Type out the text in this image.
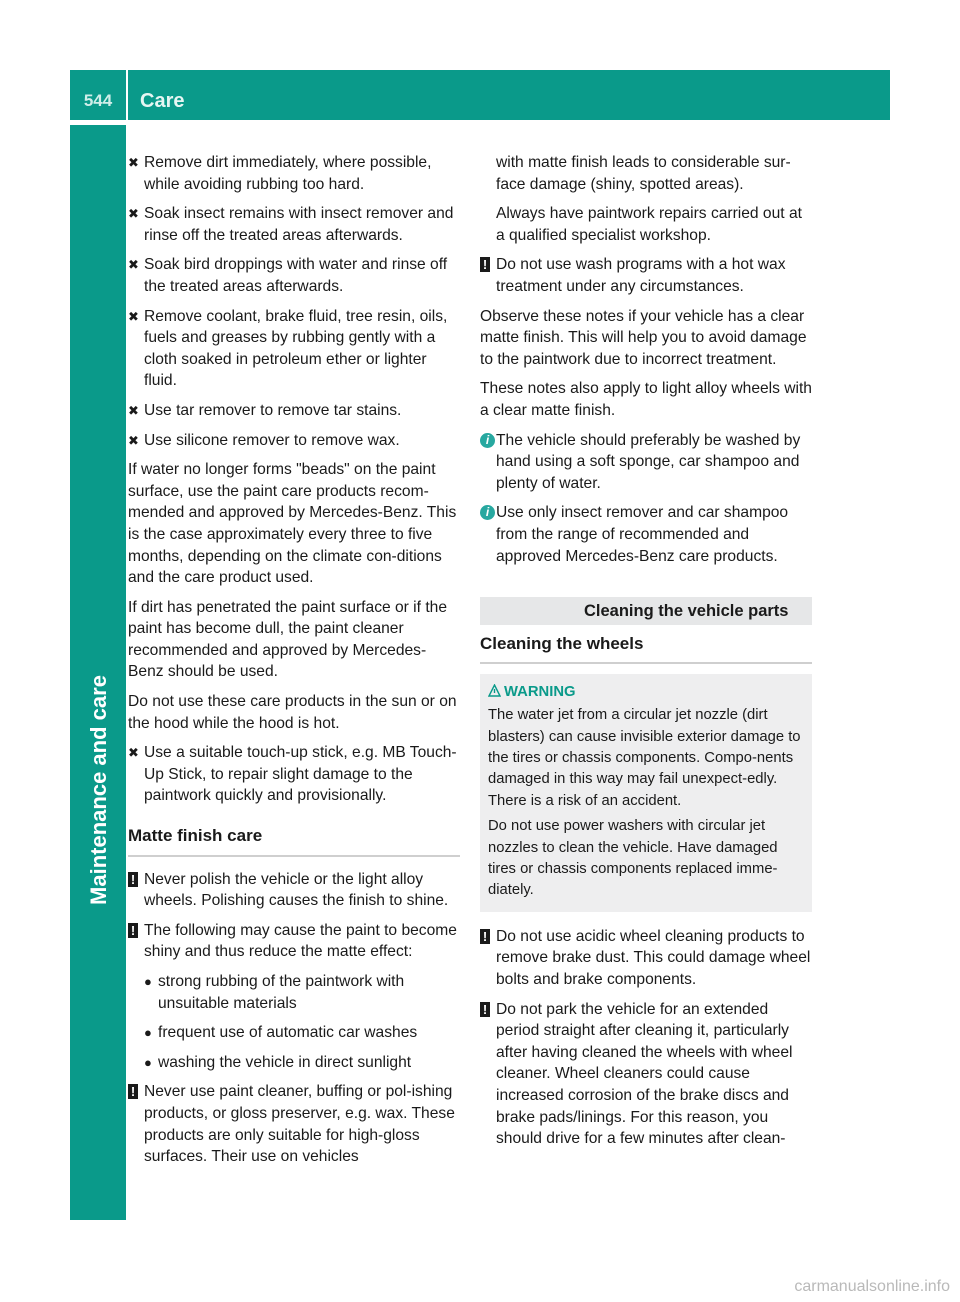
544	Care
Maintenance and care
✖ Remove dirt immediately, where possible, while avoiding rubbing too hard.
✖ Soak insect remains with insect remover and rinse off the treated areas afterwards.
✖ Soak bird droppings with water and rinse off the treated areas afterwards.
✖ Remove coolant, brake fluid, tree resin, oils, fuels and greases by rubbing gently with a cloth soaked in petroleum ether or lighter fluid.
✖ Use tar remover to remove tar stains.
✖ Use silicone remover to remove wax.

If water no longer forms "beads" on the paint surface, use the paint care products recom-mended and approved by Mercedes-Benz. This is the case approximately every three to five months, depending on the climate con-ditions and the care product used.

If dirt has penetrated the paint surface or if the paint has become dull, the paint cleaner recommended and approved by Mercedes-Benz should be used.

Do not use these care products in the sun or on the hood while the hood is hot.

✖ Use a suitable touch-up stick, e.g. MB Touch-Up Stick, to repair slight damage to the paintwork quickly and provisionally.
Matte finish care
! Never polish the vehicle or the light alloy wheels. Polishing causes the finish to shine.
! The following may cause the paint to become shiny and thus reduce the matte effect:
● strong rubbing of the paintwork with unsuitable materials
● frequent use of automatic car washes
● washing the vehicle in direct sunlight
! Never use paint cleaner, buffing or pol-ishing products, or gloss preserver, e.g. wax. These products are only suitable for high-gloss surfaces. Their use on vehicles
with matte finish leads to considerable sur-face damage (shiny, spotted areas).
Always have paintwork repairs carried out at a qualified specialist workshop.
! Do not use wash programs with a hot wax treatment under any circumstances.

Observe these notes if your vehicle has a clear matte finish. This will help you to avoid damage to the paintwork due to incorrect treatment.

These notes also apply to light alloy wheels with a clear matte finish.

i The vehicle should preferably be washed by hand using a soft sponge, car shampoo and plenty of water.
i Use only insect remover and car shampoo from the range of recommended and approved Mercedes-Benz care products.
Cleaning the vehicle parts
Cleaning the wheels
WARNING

The water jet from a circular jet nozzle (dirt blasters) can cause invisible exterior damage to the tires or chassis components. Compo-nents damaged in this way may fail unexpect-edly. There is a risk of an accident.

Do not use power washers with circular jet nozzles to clean the vehicle. Have damaged tires or chassis components replaced imme-diately.

! Do not use acidic wheel cleaning products to remove brake dust. This could damage wheel bolts and brake components.
! Do not park the vehicle for an extended period straight after cleaning it, particularly after having cleaned the wheels with wheel cleaner. Wheel cleaners could cause increased corrosion of the brake discs and brake pads/linings. For this reason, you should drive for a few minutes after clean-
carmanualsonline.info
